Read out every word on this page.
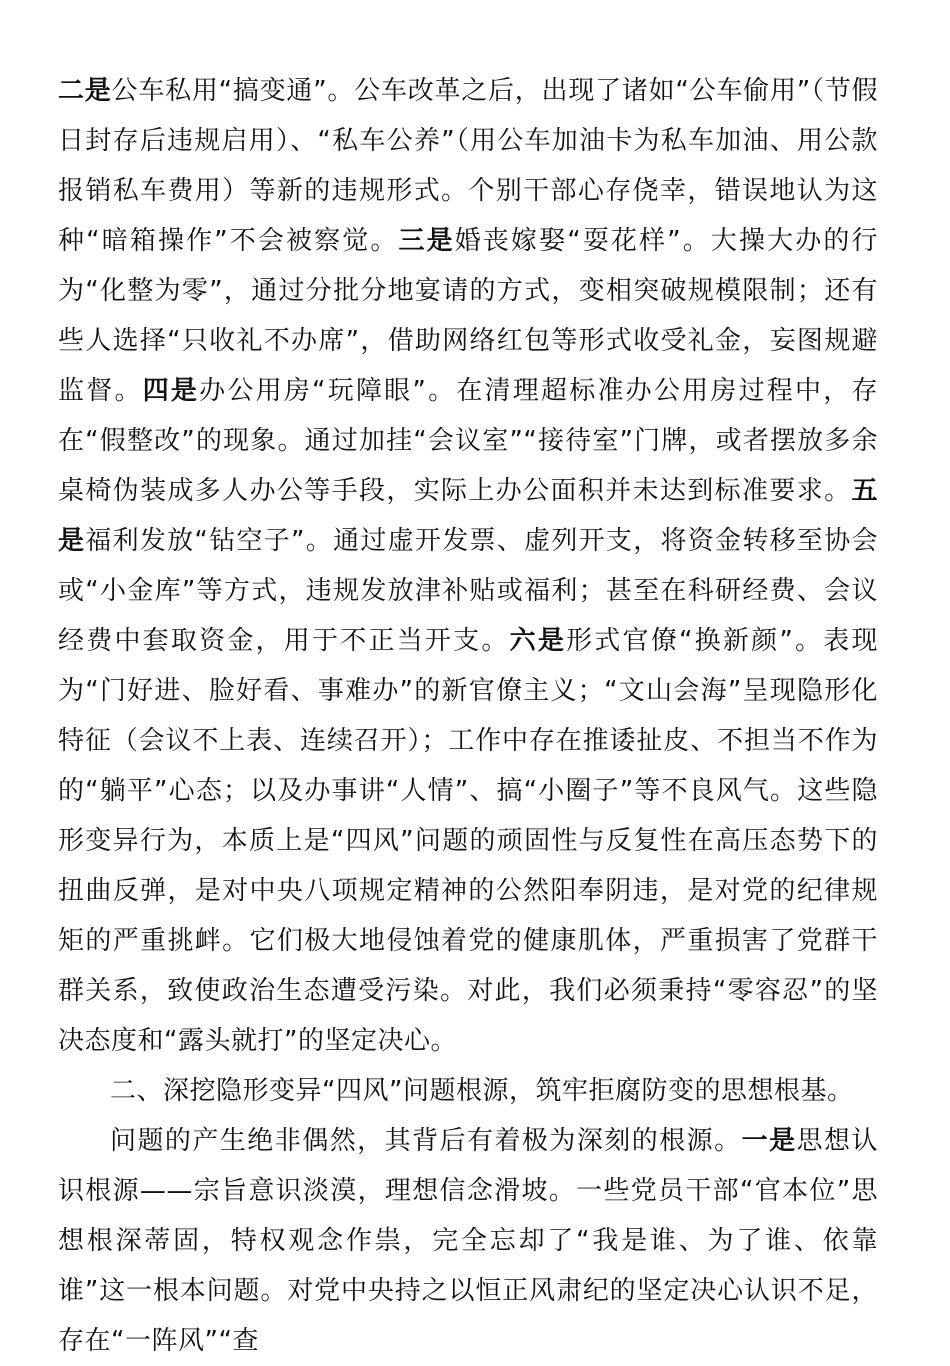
二是公车私用“搞变通”。公车改革之后，出现了诸如“公车偷用”（节假日封存后违规启用）、“私车公养”（用公车加油卡为私车加油、用公款报销私车费用）等新的违规形式。个别干部心存侥幸，错误地认为这种“暗箱操作”不会被察觉。三是婚丧嫁娶“耍花样”。大操大办的行为“化整为零”，通过分批分地宴请的方式，变相突破规模限制；还有些人选择“只收礼不办席”，借助网络红包等形式收受礼金，妄图规避监督。四是办公用房“玩障眼”。在清理超标准办公用房过程中，存在“假整改”的现象。通过加挂“会议室”“接待室”门牌，或者摆放多余桌椅伪装成多人办公等手段，实际上办公面积并未达到标准要求。五是福利发放“钻空子”。通过虚开发票、虚列开支，将资金转移至协会或“小金库”等方式，违规发放津补贴或福利；甚至在科研经费、会议经费中套取资金，用于不正当开支。六是形式官僚“换新颜”。表现为“门好进、脸好看、事难办”的新官僚主义；“文山会海”呈现隐形化特征（会议不上表、连续召开）；工作中存在推诿扯皮、不担当不作为的“躺平”心态；以及办事讲“人情”、搞“小圈子”等不良风气。这些隐形变异行为，本质上是“四风”问题的顽固性与反复性在高压态势下的扭曲反弹，是对中央八项规定精神的公然阳奉阴违，是对党的纪律规矩的严重挑衅。它们极大地侵蚀着党的健康肌体，严重损害了党群干群关系，致使政治生态遭受污染。对此，我们必须秉持“零容忍”的坚决态度和“露头就打”的坚定决心。

二、深挖隐形变异“四风”问题根源，筑牢拒腐防变的思想根基。

问题的产生绝非偶然，其背后有着极为深刻的根源。一是思想认识根源——宗旨意识淡漠，理想信念滑坡。一些党员干部“官本位”思想根深蒂固，特权观念作祟，完全忘却了“我是谁、为了谁、依靠谁”这一根本问题。对党中央持之以恒正风肃纪的坚定决心认识不足，存在“一阵风”“查
